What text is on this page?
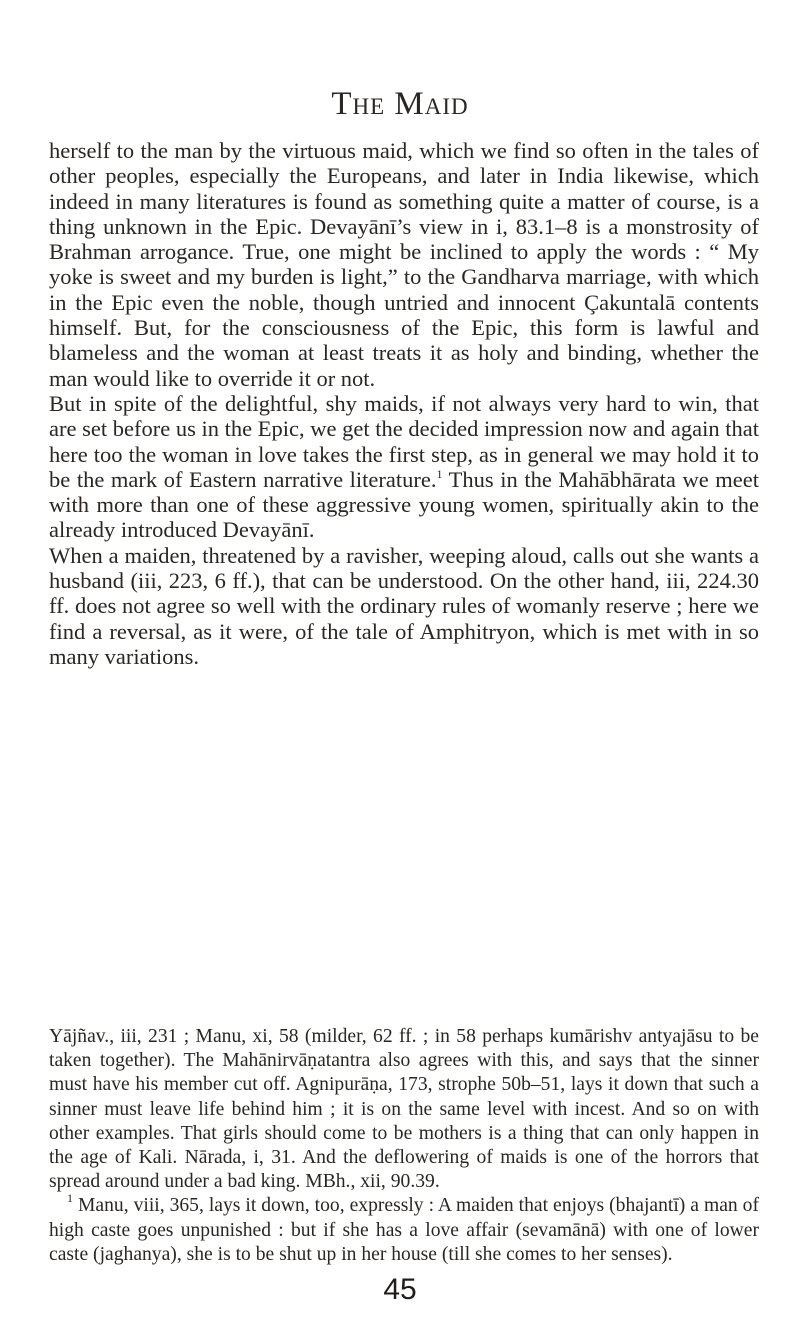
The Maid

herself to the man by the virtuous maid, which we find so often in the tales of other peoples, especially the Europeans, and later in India likewise, which indeed in many literatures is found as something quite a matter of course, is a thing unknown in the Epic. Devayānī’s view in i, 83.1–8 is a monstrosity of Brahman arrogance. True, one might be inclined to apply the words : “ My yoke is sweet and my burden is light,” to the Gandharva marriage, with which in the Epic even the noble, though untried and innocent Çakuntalā contents himself. But, for the consciousness of the Epic, this form is lawful and blameless and the woman at least treats it as holy and binding, whether the man would like to override it or not.

But in spite of the delightful, shy maids, if not always very hard to win, that are set before us in the Epic, we get the decided impression now and again that here too the woman in love takes the first step, as in general we may hold it to be the mark of Eastern narrative literature.$^1$ Thus in the Mahābhārata we meet with more than one of these aggressive young women, spiritually akin to the already introduced Devayānī.

When a maiden, threatened by a ravisher, weeping aloud, calls out she wants a husband (iii, 223, 6 ff.), that can be understood. On the other hand, iii, 224.30 ff. does not agree so well with the ordinary rules of womanly reserve ; here we find a reversal, as it were, of the tale of Amphitryon, which is met with in so many variations.

Yājñav., iii, 231 ; Manu, xi, 58 (milder, 62 ff. ; in 58 perhaps kumārishv antyajāsu to be taken together). The Mahānirvāṇatantra also agrees with this, and says that the sinner must have his member cut off. Agnipurāṇa, 173, strophe 50b–51, lays it down that such a sinner must leave life behind him ; it is on the same level with incest. And so on with other examples. That girls should come to be mothers is a thing that can only happen in the age of Kali. Nārada, i, 31. And the deflowering of maids is one of the horrors that spread around under a bad king. MBh., xii, 90.39.

$^1$ Manu, viii, 365, lays it down, too, expressly : A maiden that enjoys (bhajantī) a man of high caste goes unpunished : but if she has a love affair (sevamānā) with one of lower caste (jaghanya), she is to be shut up in her house (till she comes to her senses).

45
